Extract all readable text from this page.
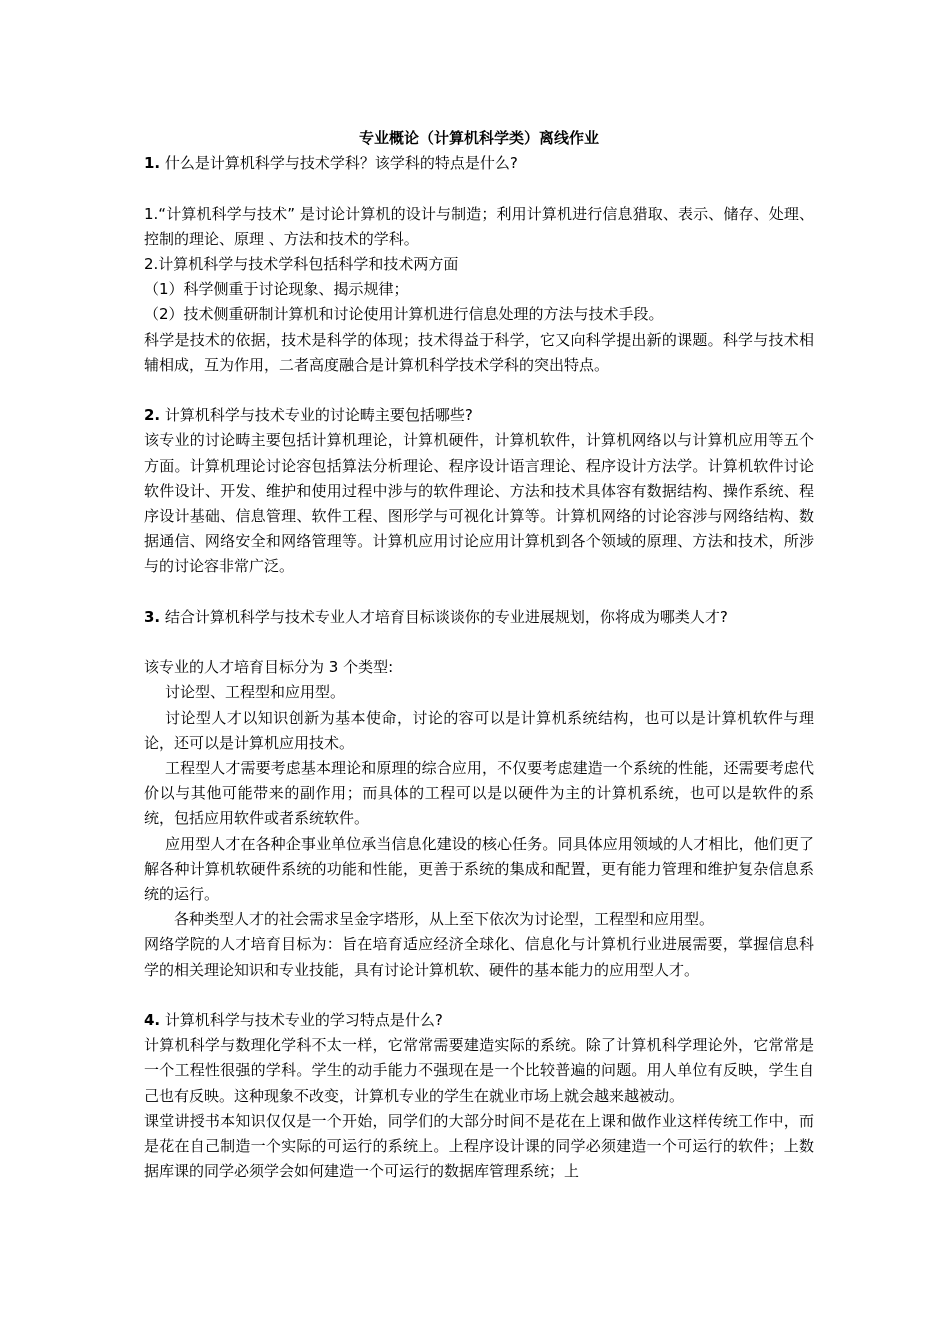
专业概论（计算机科学类）离线作业

1. 什么是计算机科学与技术学科？该学科的特点是什么?

1.“计算机科学与技术” 是讨论计算机的设计与制造；利用计算机进行信息猎取、表示、储存、处理、控制的理论、原理 、方法和技术的学科。

2.计算机科学与技术学科包括科学和技术两方面

（1）科学侧重于讨论现象、揭示规律；

（2）技术侧重研制计算机和讨论使用计算机进行信息处理的方法与技术手段。

科学是技术的依据，技术是科学的体现；技术得益于科学，它又向科学提出新的课题。科学与技术相辅相成，互为作用，二者高度融合是计算机科学技术学科的突出特点。

2. 计算机科学与技术专业的讨论畴主要包括哪些?

该专业的讨论畴主要包括计算机理论，计算机硬件，计算机软件，计算机网络以与计算机应用等五个方面。计算机理论讨论容包括算法分析理论、程序设计语言理论、程序设计方法学。计算机软件讨论软件设计、开发、维护和使用过程中涉与的软件理论、方法和技术具体容有数据结构、操作系统、程序设计基础、信息管理、软件工程、图形学与可视化计算等。计算机网络的讨论容涉与网络结构、数据通信、网络安全和网络管理等。计算机应用讨论应用计算机到各个领域的原理、方法和技术，所涉与的讨论容非常广泛。

3. 结合计算机科学与技术专业人才培育目标谈谈你的专业进展规划，你将成为哪类人才?

该专业的人才培育目标分为 3 个类型:

讨论型、工程型和应用型。

讨论型人才以知识创新为基本使命，讨论的容可以是计算机系统结构，也可以是计算机软件与理论，还可以是计算机应用技术。

工程型人才需要考虑基本理论和原理的综合应用，不仅要考虑建造一个系统的性能，还需要考虑代价以与其他可能带来的副作用；而具体的工程可以是以硬件为主的计算机系统，也可以是软件的系统，包括应用软件或者系统软件。

应用型人才在各种企事业单位承当信息化建设的核心任务。同具体应用领域的人才相比，他们更了解各种计算机软硬件系统的功能和性能，更善于系统的集成和配置，更有能力管理和维护复杂信息系统的运行。

各种类型人才的社会需求呈金字塔形，从上至下依次为讨论型，工程型和应用型。

网络学院的人才培育目标为：旨在培育适应经济全球化、信息化与计算机行业进展需要，掌握信息科学的相关理论知识和专业技能，具有讨论计算机软、硬件的基本能力的应用型人才。

4. 计算机科学与技术专业的学习特点是什么?

计算机科学与数理化学科不太一样，它常常需要建造实际的系统。除了计算机科学理论外，它常常是一个工程性很强的学科。学生的动手能力不强现在是一个比较普遍的问题。用人单位有反映，学生自己也有反映。这种现象不改变，计算机专业的学生在就业市场上就会越来越被动。

课堂讲授书本知识仅仅是一个开始，同学们的大部分时间不是花在上课和做作业这样传统工作中，而是花在自己制造一个实际的可运行的系统上。上程序设计课的同学必须建造一个可运行的软件；上数据库课的同学必须学会如何建造一个可运行的数据库管理系统；上
